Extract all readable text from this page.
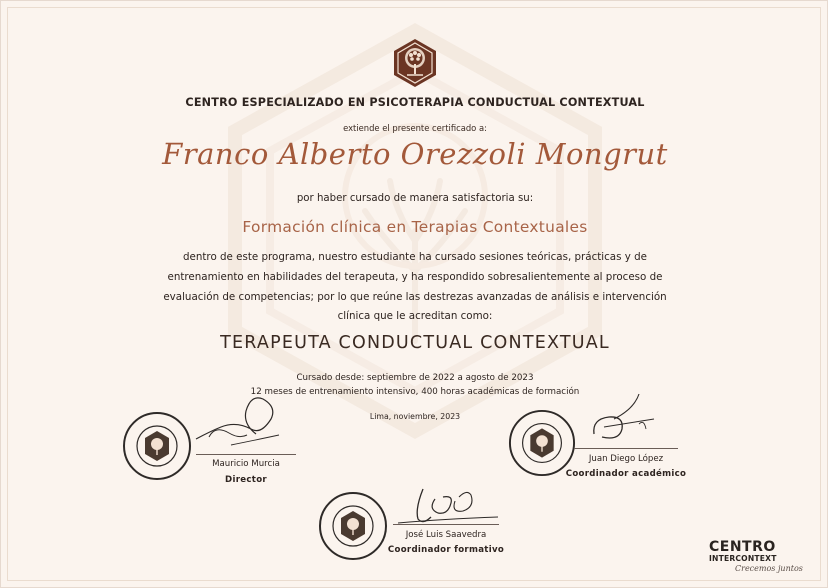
CENTRO ESPECIALIZADO EN PSICOTERAPIA CONDUCTUAL CONTEXTUAL
extiende el presente certificado a:
Franco Alberto Orezzoli Mongrut
por haber cursado de manera satisfactoria su:
Formación clínica en Terapias Contextuales
dentro de este programa, nuestro estudiante ha cursado sesiones teóricas, prácticas y de
entrenamiento en habilidades del terapeuta, y ha respondido sobresalientemente al proceso de
evaluación de competencias; por lo que reúne las destrezas avanzadas de análisis e intervención
clínica que le acreditan como:
TERAPEUTA CONDUCTUAL CONTEXTUAL
Cursado desde: septiembre de 2022 a agosto de 2023
12 meses de entrenamiento intensivo, 400 horas académicas de formación
Lima, noviembre, 2023
Mauricio Murcia
Director
Juan Diego López
Coordinador académico
José Luis Saavedra
Coordinador formativo	CENTRO
INTERCONTEXT
Crecemos juntos
